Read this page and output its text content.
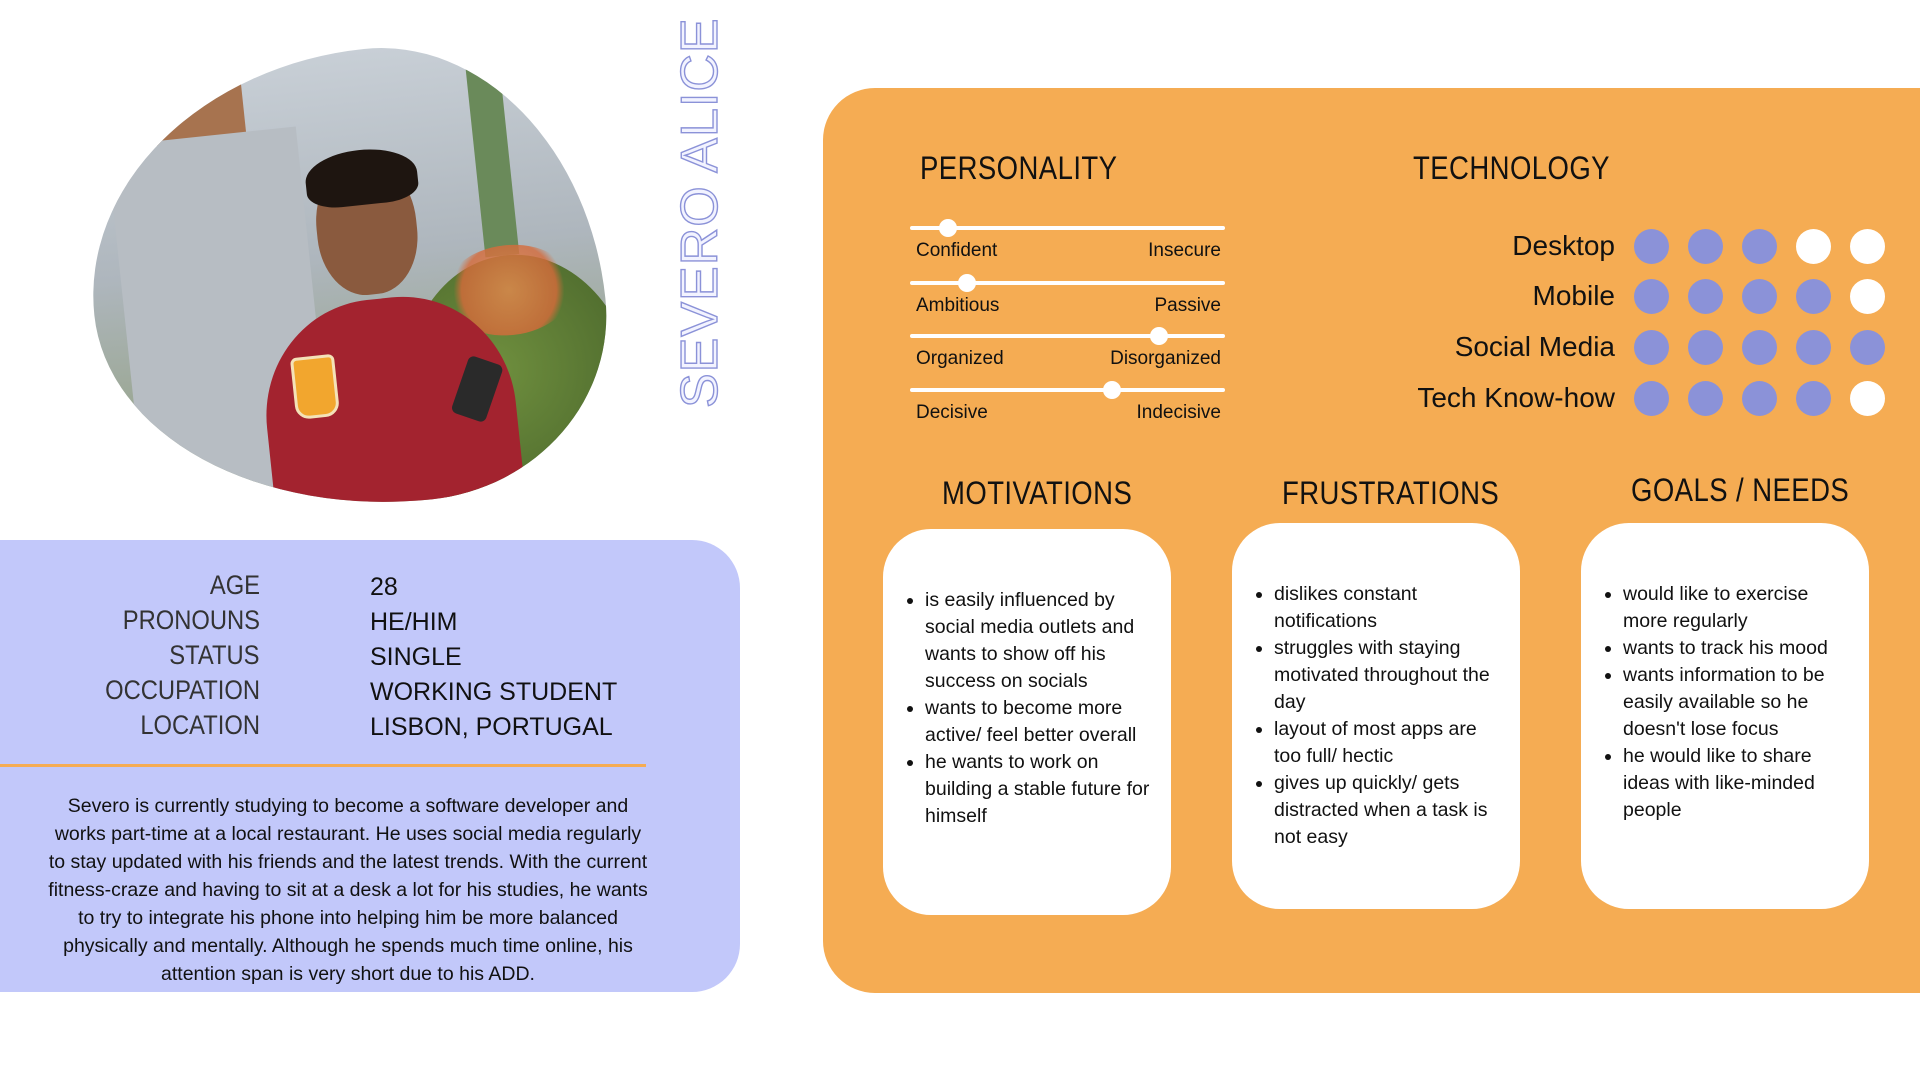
SEVERO ALICE
AGE	28
PRONOUNS	HE/HIM
STATUS	SINGLE
OCCUPATION	WORKING STUDENT
LOCATION	LISBON, PORTUGAL

Severo is currently studying to become a software developer and works part-time at a local restaurant. He uses social media regularly to stay updated with his friends and the latest trends. With the current fitness-craze and having to sit at a desk a lot for his studies, he wants to try to integrate his phone into helping him be more balanced physically and mentally. Although he spends much time online, his attention span is very short due to his ADD.

PERSONALITY
Confident	Insecure
Ambitious	Passive
Organized	Disorganized
Decisive	Indecisive
TECHNOLOGY
Desktop
Mobile
Social Media
Tech Know-how
MOTIVATIONS	FRUSTRATIONS	GOALS / NEEDS
• is easily influenced by social media outlets and wants to show off his success on socials
• wants to become more active/ feel better overall
• he wants to work on building a stable future for himself
• dislikes constant notifications
• struggles with staying motivated throughout the day
• layout of most apps are too full/ hectic
• gives up quickly/ gets distracted when a task is not easy
• would like to exercise more regularly
• wants to track his mood
• wants information to be easily available so he doesn't lose focus
• he would like to share ideas with like-minded people
